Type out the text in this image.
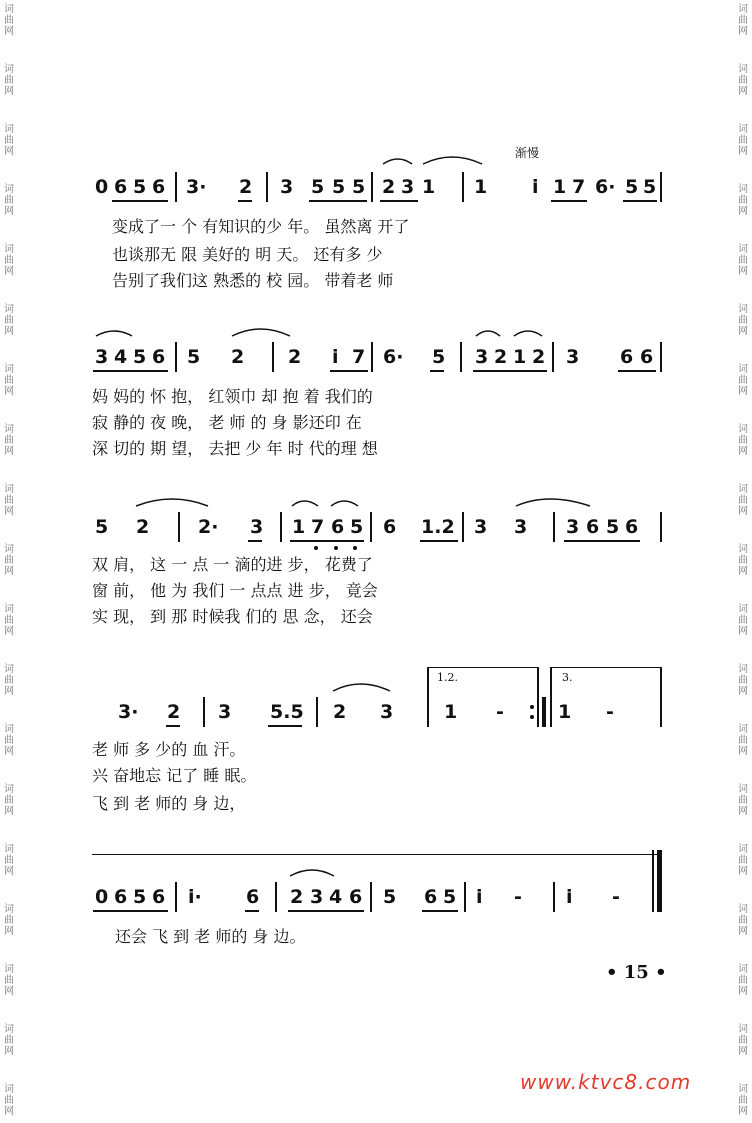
词
曲
网
词
曲
网
词
曲
网
词
曲
网
词
曲
网
词
曲
网
词
曲
网
词
曲
网
词
曲
网
词
曲
网
词
曲
网
词
曲
网
词
曲
网
词
曲
网
词
曲
网
词
曲
网
词
曲
网
词
曲
网
词
曲
网
词
曲
网
词
曲
网
词
曲
网
词
曲
网
词
曲
网
词
曲
网
词
曲
网
词
曲
网
词
曲
网
词
曲
网
词
曲
网
词
曲
网
词
曲
网
词
曲
网
词
曲
网
词
曲
网
词
曲
网
词
曲
网
词
曲
网
渐慢
0 6 5 6 3· 2 3 5 5 5 2 3 1 1 i 1 7 6· 5 5
变成了一 个 有知识的少 年。 虽然离 开了
也谈那无 限 美好的 明 天。 还有多 少
告别了我们这 熟悉的 校 园。 带着老 师
3 4 5 6 5 2 2 i 7 6· 5 3 2 1 2 3 6 6
妈 妈的 怀 抱， 红领巾 却 抱 着 我们的
寂 静的 夜 晚， 老 师 的 身 影还印 在
深 切的 期 望， 去把 少 年 时 代的理 想
5 2	2· 3 1 7 6 5 6 1.2 3 3 3 6 5 6
双 肩， 这 一 点 一 滴的进 步， 花费了
窗 前， 他 为 我们 一 点点 进 步， 竟会
实 现， 到 那 时候我 们的 思 念， 还会
1.2.	3.
3· 2 3 5.5 2 3	1 -	1 -
老 师 多 少的 血 汗。
兴 奋地忘 记了 睡 眠。
飞 到 老 师的 身 边，
0 6 5 6 i· 6 2 3 4 6 5 6 5 i - i -
还会 飞 到 老 师的 身 边。
• 15 •
www.ktvc8.com
